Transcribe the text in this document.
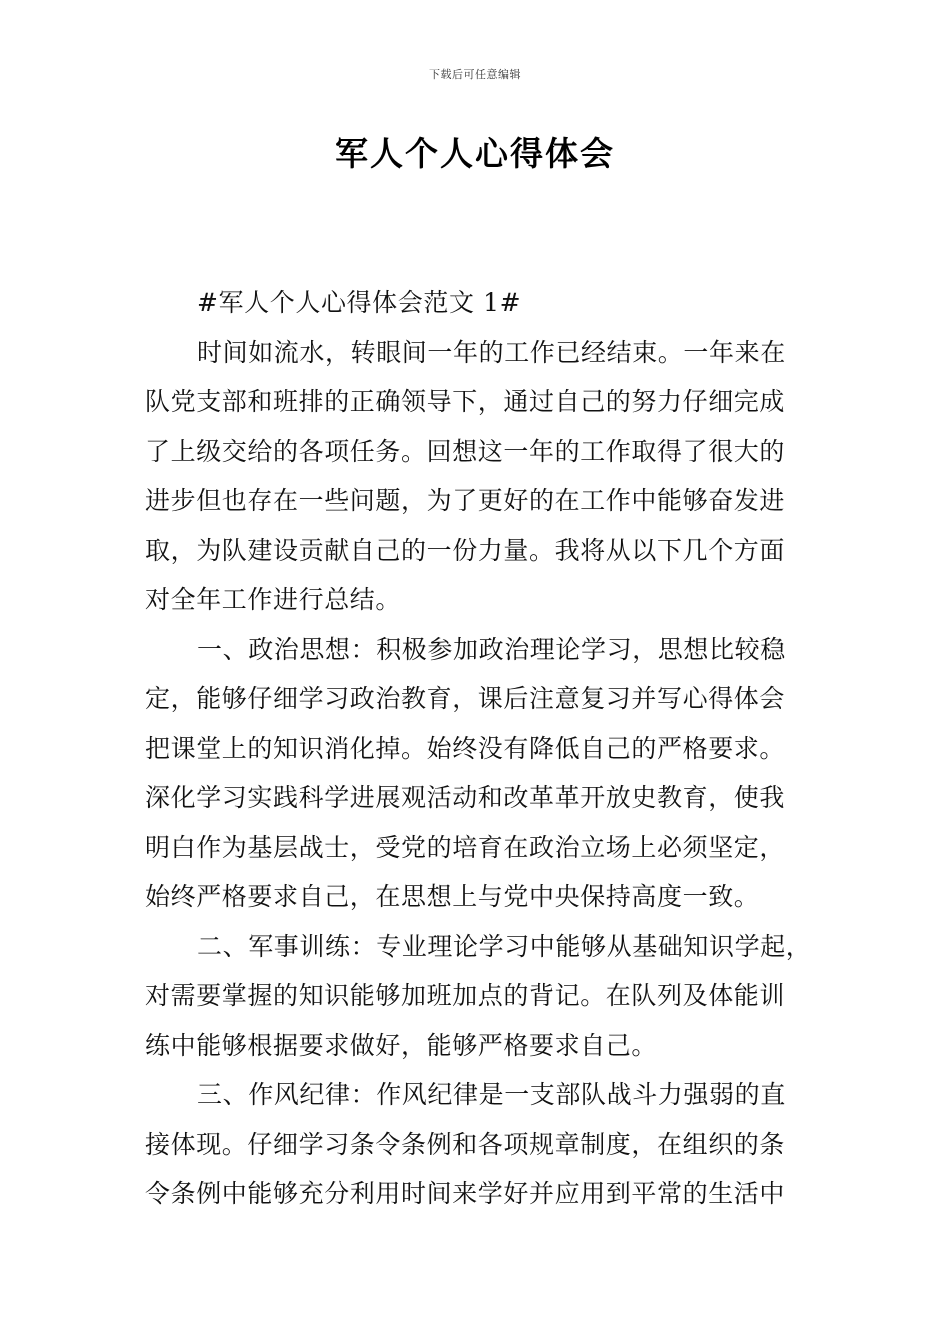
下载后可任意编辑
军人个人心得体会
#军人个人心得体会范文 1#
时间如流水，转眼间一年的工作已经结束。一年来在
队党支部和班排的正确领导下，通过自己的努力仔细完成
了上级交给的各项任务。回想这一年的工作取得了很大的
进步但也存在一些问题，为了更好的在工作中能够奋发进
取，为队建设贡献自己的一份力量。我将从以下几个方面
对全年工作进行总结。
一、政治思想：积极参加政治理论学习，思想比较稳
定，能够仔细学习政治教育，课后注意复习并写心得体会
把课堂上的知识消化掉。始终没有降低自己的严格要求。
深化学习实践科学进展观活动和改革革开放史教育，使我
明白作为基层战士，受党的培育在政治立场上必须坚定，
始终严格要求自己，在思想上与党中央保持高度一致。
二、军事训练：专业理论学习中能够从基础知识学起，
对需要掌握的知识能够加班加点的背记。在队列及体能训
练中能够根据要求做好，能够严格要求自己。
三、作风纪律：作风纪律是一支部队战斗力强弱的直
接体现。仔细学习条令条例和各项规章制度，在组织的条
令条例中能够充分利用时间来学好并应用到平常的生活中
